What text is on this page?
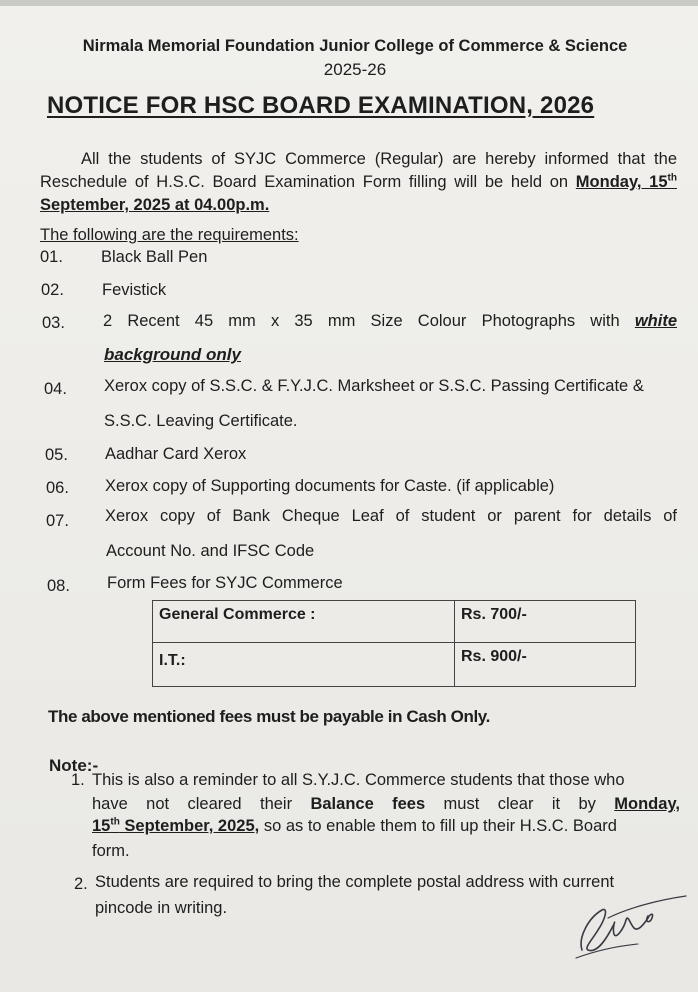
Nirmala Memorial Foundation Junior College of Commerce & Science
2025-26
NOTICE FOR HSC BOARD EXAMINATION, 2026
All the students of SYJC Commerce (Regular) are hereby informed that the Reschedule of H.S.C. Board Examination Form filling will be held on Monday, 15th September, 2025 at 04.00p.m.
The following are the requirements:
01. Black Ball Pen
02. Fevistick
03. 2 Recent 45 mm x 35 mm Size Colour Photographs with white
background only
04. Xerox copy of S.S.C. & F.Y.J.C. Marksheet or S.S.C. Passing Certificate &
S.S.C. Leaving Certificate.
05. Aadhar Card Xerox
06. Xerox copy of Supporting documents for Caste. (if applicable)
07. Xerox copy of Bank Cheque Leaf of student or parent for details of
Account No. and IFSC Code
08. Form Fees for SYJC Commerce
General Commerce :	Rs. 700/-
I.T.:	Rs. 900/-
The above mentioned fees must be payable in Cash Only.
Note:-
1. This is also a reminder to all S.Y.J.C. Commerce students that those who
have not cleared their Balance fees must clear it by Monday,
15th September, 2025, so as to enable them to fill up their H.S.C. Board
form.
2. Students are required to bring the complete postal address with current
pincode in writing.
